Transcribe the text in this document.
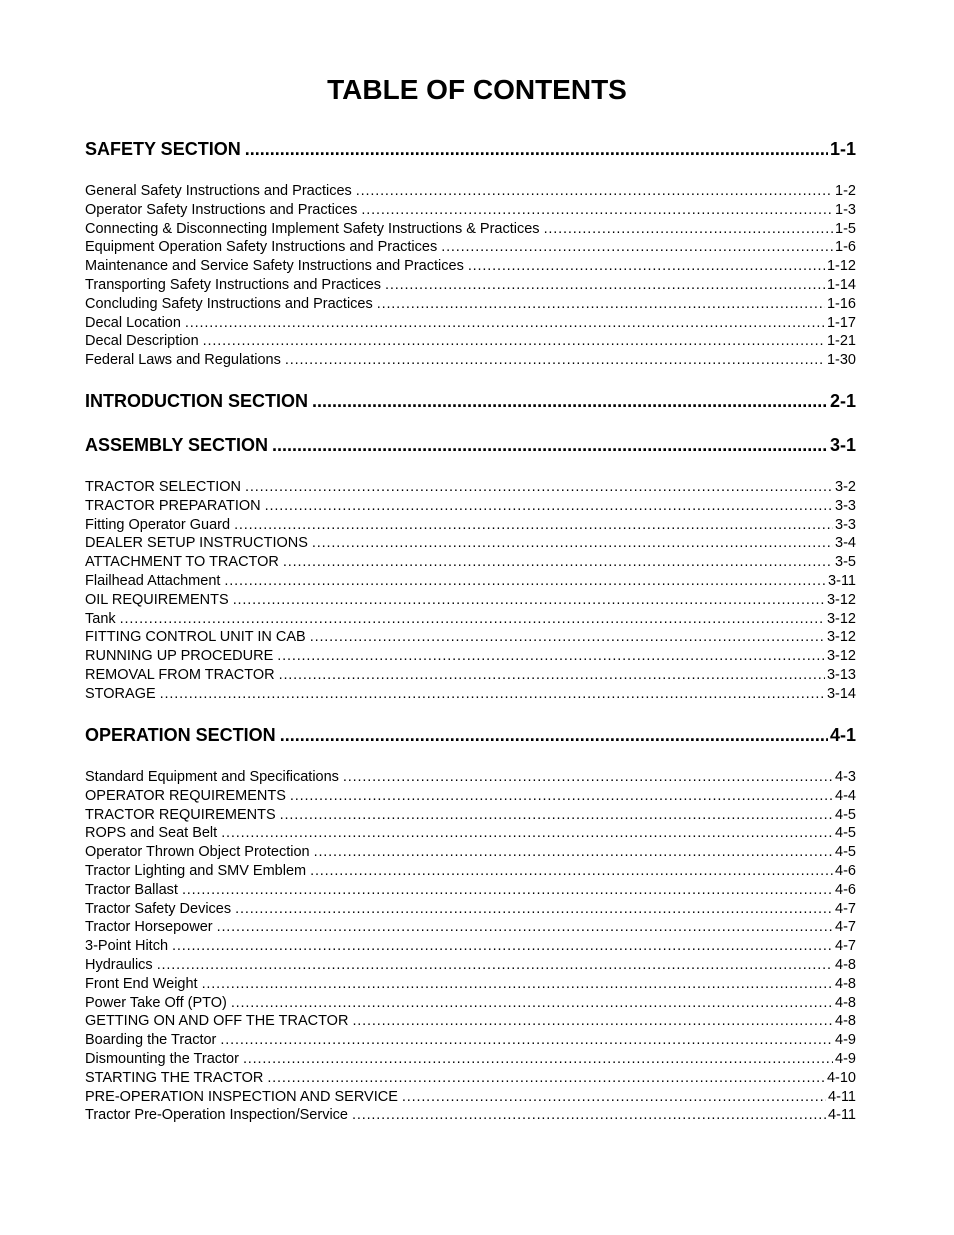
TABLE OF CONTENTS
SAFETY SECTION . . .	1-1
General Safety Instructions and Practices . . .	1-2
Operator Safety Instructions and Practices . . .	1-3
Connecting & Disconnecting Implement Safety Instructions & Practices . . .	1-5
Equipment Operation Safety Instructions and Practices . . .	1-6
Maintenance and Service Safety Instructions and Practices . . .	1-12
Transporting Safety Instructions and Practices . . .	1-14
Concluding Safety Instructions and Practices . . .	1-16
Decal Location . . .	1-17
Decal Description . . .	1-21
Federal Laws and Regulations . . .	1-30
INTRODUCTION SECTION . . .	2-1
ASSEMBLY SECTION . . .	3-1
TRACTOR SELECTION . . .	3-2
TRACTOR PREPARATION . . .	3-3
Fitting Operator Guard . . .	3-3
DEALER SETUP INSTRUCTIONS . . .	3-4
ATTACHMENT TO TRACTOR . . .	3-5
Flailhead Attachment . . .	3-11
OIL REQUIREMENTS . . .	3-12
Tank . . .	3-12
FITTING CONTROL UNIT IN CAB . . .	3-12
RUNNING UP PROCEDURE . . .	3-12
REMOVAL FROM TRACTOR . . .	3-13
STORAGE . . .	3-14
OPERATION SECTION . . .	4-1
Standard Equipment and Specifications . . .	4-3
OPERATOR REQUIREMENTS . . .	4-4
TRACTOR REQUIREMENTS . . .	4-5
ROPS and Seat Belt . . .	4-5
Operator Thrown Object Protection . . .	4-5
Tractor Lighting and SMV Emblem . . .	4-6
Tractor Ballast . . .	4-6
Tractor Safety Devices . . .	4-7
Tractor Horsepower . . .	4-7
3-Point Hitch . . .	4-7
Hydraulics . . .	4-8
Front End Weight . . .	4-8
Power Take Off (PTO) . . .	4-8
GETTING ON AND OFF THE TRACTOR . . .	4-8
Boarding the Tractor . . .	4-9
Dismounting the Tractor . . .	4-9
STARTING THE TRACTOR . . .	4-10
PRE-OPERATION INSPECTION AND SERVICE . . .	4-11
Tractor Pre-Operation Inspection/Service . . .	4-11
